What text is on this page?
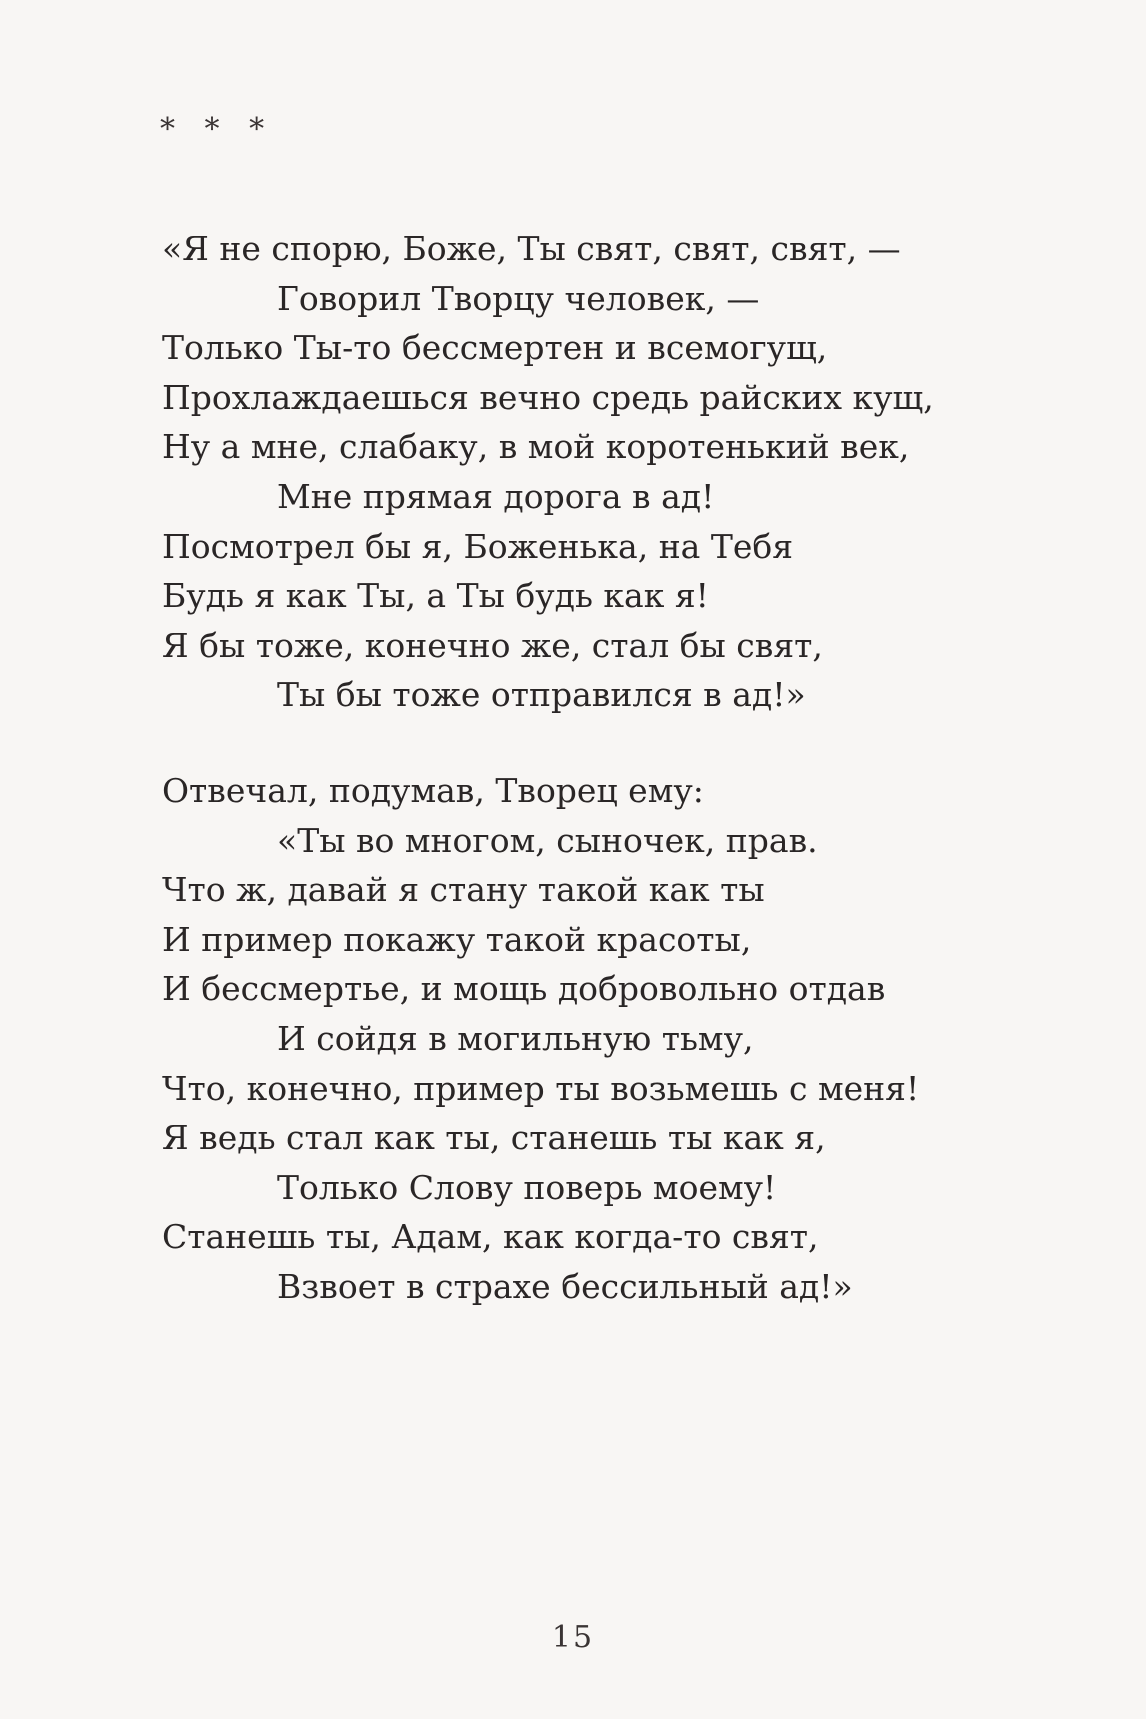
* * *
«Я не спорю, Боже, Ты свят, свят, свят, —
Говорил Творцу человек, —
Только Ты-то бессмертен и всемогущ,
Прохлаждаешься вечно средь райских кущ,
Ну а мне, слабаку, в мой коротенький век,
Мне прямая дорога в ад!
Посмотрел бы я, Боженька, на Тебя
Будь я как Ты, а Ты будь как я!
Я бы тоже, конечно же, стал бы свят,
Ты бы тоже отправился в ад!»
Отвечал, подумав, Творец ему:
«Ты во многом, сыночек, прав.
Что ж, давай я стану такой как ты
И пример покажу такой красоты,
И бессмертье, и мощь добровольно отдав
И сойдя в могильную тьму,
Что, конечно, пример ты возьмешь с меня!
Я ведь стал как ты, станешь ты как я,
Только Слову поверь моему!
Станешь ты, Адам, как когда-то свят,
Взвоет в страхе бессильный ад!»
15
